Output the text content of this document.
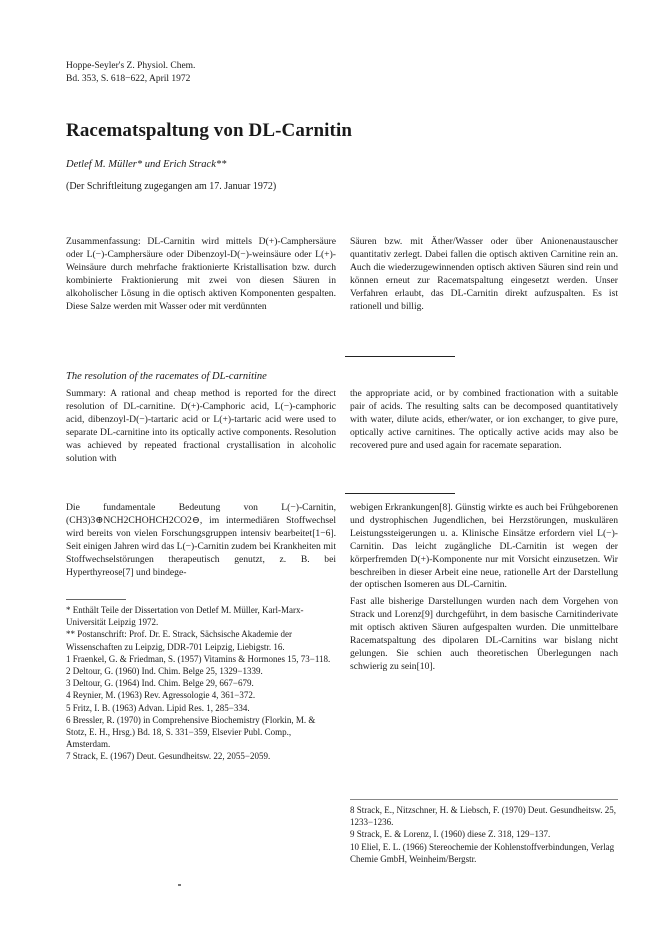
Hoppe-Seyler's Z. Physiol. Chem.
Bd. 353, S. 618−622, April 1972
Racematspaltung von DL-Carnitin
Detlef M. Müller* und Erich Strack**
(Der Schriftleitung zugegangen am 17. Januar 1972)

Zusammenfassung: DL-Carnitin wird mittels D(+)-Camphersäure oder L(−)-Camphersäure oder Dibenzoyl-D(−)-weinsäure oder L(+)-Weinsäure durch mehrfache fraktionierte Kristallisation bzw. durch kombinierte Fraktionierung mit zwei von diesen Säuren in alkoholischer Lösung in die optisch aktiven Komponenten gespalten. Diese Salze werden mit Wasser oder mit verdünnten

Säuren bzw. mit Äther/Wasser oder über Anionenaustauscher quantitativ zerlegt. Dabei fallen die optisch aktiven Carnitine rein an. Auch die wiederzugewinnenden optisch aktiven Säuren sind rein und können erneut zur Racematspaltung eingesetzt werden. Unser Verfahren erlaubt, das DL-Carnitin direkt aufzuspalten. Es ist rationell und billig.

The resolution of the racemates of DL-carnitine

Summary: A rational and cheap method is reported for the direct resolution of DL-carnitine. D(+)-Camphoric acid, L(−)-camphoric acid, dibenzoyl-D(−)-tartaric acid or L(+)-tartaric acid were used to separate DL-carnitine into its optically active components. Resolution was achieved by repeated fractional crystallisation in alcoholic solution with

the appropriate acid, or by combined fractionation with a suitable pair of acids. The resulting salts can be decomposed quantitatively with water, dilute acids, ether/water, or ion exchanger, to give pure, optically active carnitines. The optically active acids may also be recovered pure and used again for racemate separation.

Die fundamentale Bedeutung von L(−)-Carnitin, (CH3)3⊕NCH2CHOHCH2CO2⊖, im intermediären Stoffwechsel wird bereits von vielen Forschungsgruppen intensiv bearbeitet[1−6]. Seit einigen Jahren wird das L(−)-Carnitin zudem bei Krankheiten mit Stoffwechselstörungen therapeutisch genutzt, z. B. bei Hyperthyreose[7] und bindege-

* Enthält Teile der Dissertation von Detlef M. Müller, Karl-Marx-Universität Leipzig 1972.
** Postanschrift: Prof. Dr. E. Strack, Sächsische Akademie der Wissenschaften zu Leipzig, DDR-701 Leipzig, Liebigstr. 16.
1 Fraenkel, G. & Friedman, S. (1957) Vitamins & Hormones 15, 73−118.
2 Deltour, G. (1960) Ind. Chim. Belge 25, 1329−1339.
3 Deltour, G. (1964) Ind. Chim. Belge 29, 667−679.
4 Reynier, M. (1963) Rev. Agressologie 4, 361−372.
5 Fritz, I. B. (1963) Advan. Lipid Res. 1, 285−334.
6 Bressler, R. (1970) in Comprehensive Biochemistry (Florkin, M. & Stotz, E. H., Hrsg.) Bd. 18, S. 331−359, Elsevier Publ. Comp., Amsterdam.
7 Strack, E. (1967) Deut. Gesundheitsw. 22, 2055−2059.

webigen Erkrankungen[8]. Günstig wirkte es auch bei Frühgeborenen und dystrophischen Jugendlichen, bei Herzstörungen, muskulären Leistungssteigerungen u. a. Klinische Einsätze erfordern viel L(−)-Carnitin. Das leicht zugängliche DL-Carnitin ist wegen der körperfremden D(+)-Komponente nur mit Vorsicht einzusetzen. Wir beschreiben in dieser Arbeit eine neue, rationelle Art der Darstellung der optischen Isomeren aus DL-Carnitin.

Fast alle bisherige Darstellungen wurden nach dem Vorgehen von Strack und Lorenz[9] durchgeführt, in dem basische Carnitinderivate mit optisch aktiven Säuren aufgespalten wurden. Die unmittelbare Racematspaltung des dipolaren DL-Carnitins war bislang nicht gelungen. Sie schien auch theoretischen Überlegungen nach schwierig zu sein[10].

8 Strack, E., Nitzschner, H. & Liebsch, F. (1970) Deut. Gesundheitsw. 25, 1233−1236.
9 Strack, E. & Lorenz, I. (1960) diese Z. 318, 129−137.
10 Eliel, E. L. (1966) Stereochemie der Kohlenstoffverbindungen, Verlag Chemie GmbH, Weinheim/Bergstr.
